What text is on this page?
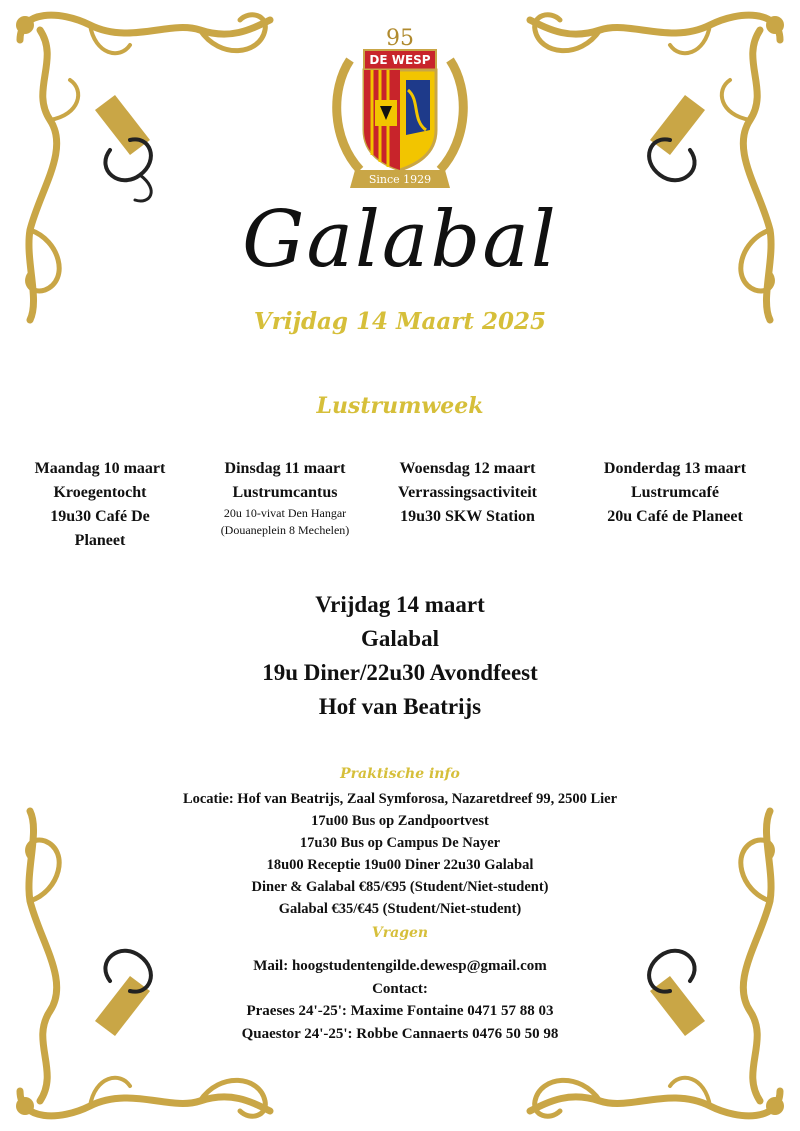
95
DE WESP
Since 1929
Galabal
Vrijdag 14 Maart 2025
Lustrumweek
Maandag 10 maart
Kroegentocht
19u30 Café De
Planeet
Dinsdag 11 maart
Lustrumcantus
20u 10-vivat Den Hangar
(Douaneplein 8 Mechelen)
Woensdag 12 maart
Verrassingsactiviteit
19u30 SKW Station
Donderdag 13 maart
Lustrumcafé
20u Café de Planeet
Vrijdag 14 maart
Galabal
19u Diner/22u30 Avondfeest
Hof van Beatrijs
Praktische info
Locatie: Hof van Beatrijs, Zaal Symforosa, Nazaretdreef 99, 2500 Lier
17u00 Bus op Zandpoortvest
17u30 Bus op Campus De Nayer
18u00 Receptie 19u00 Diner 22u30 Galabal
Diner & Galabal €85/€95 (Student/Niet-student)
Galabal €35/€45 (Student/Niet-student)
Vragen
Mail: hoogstudentengilde.dewesp@gmail.com
Contact:
Praeses 24'-25': Maxime Fontaine 0471 57 88 03
Quaestor 24'-25': Robbe Cannaerts 0476 50 50 98
